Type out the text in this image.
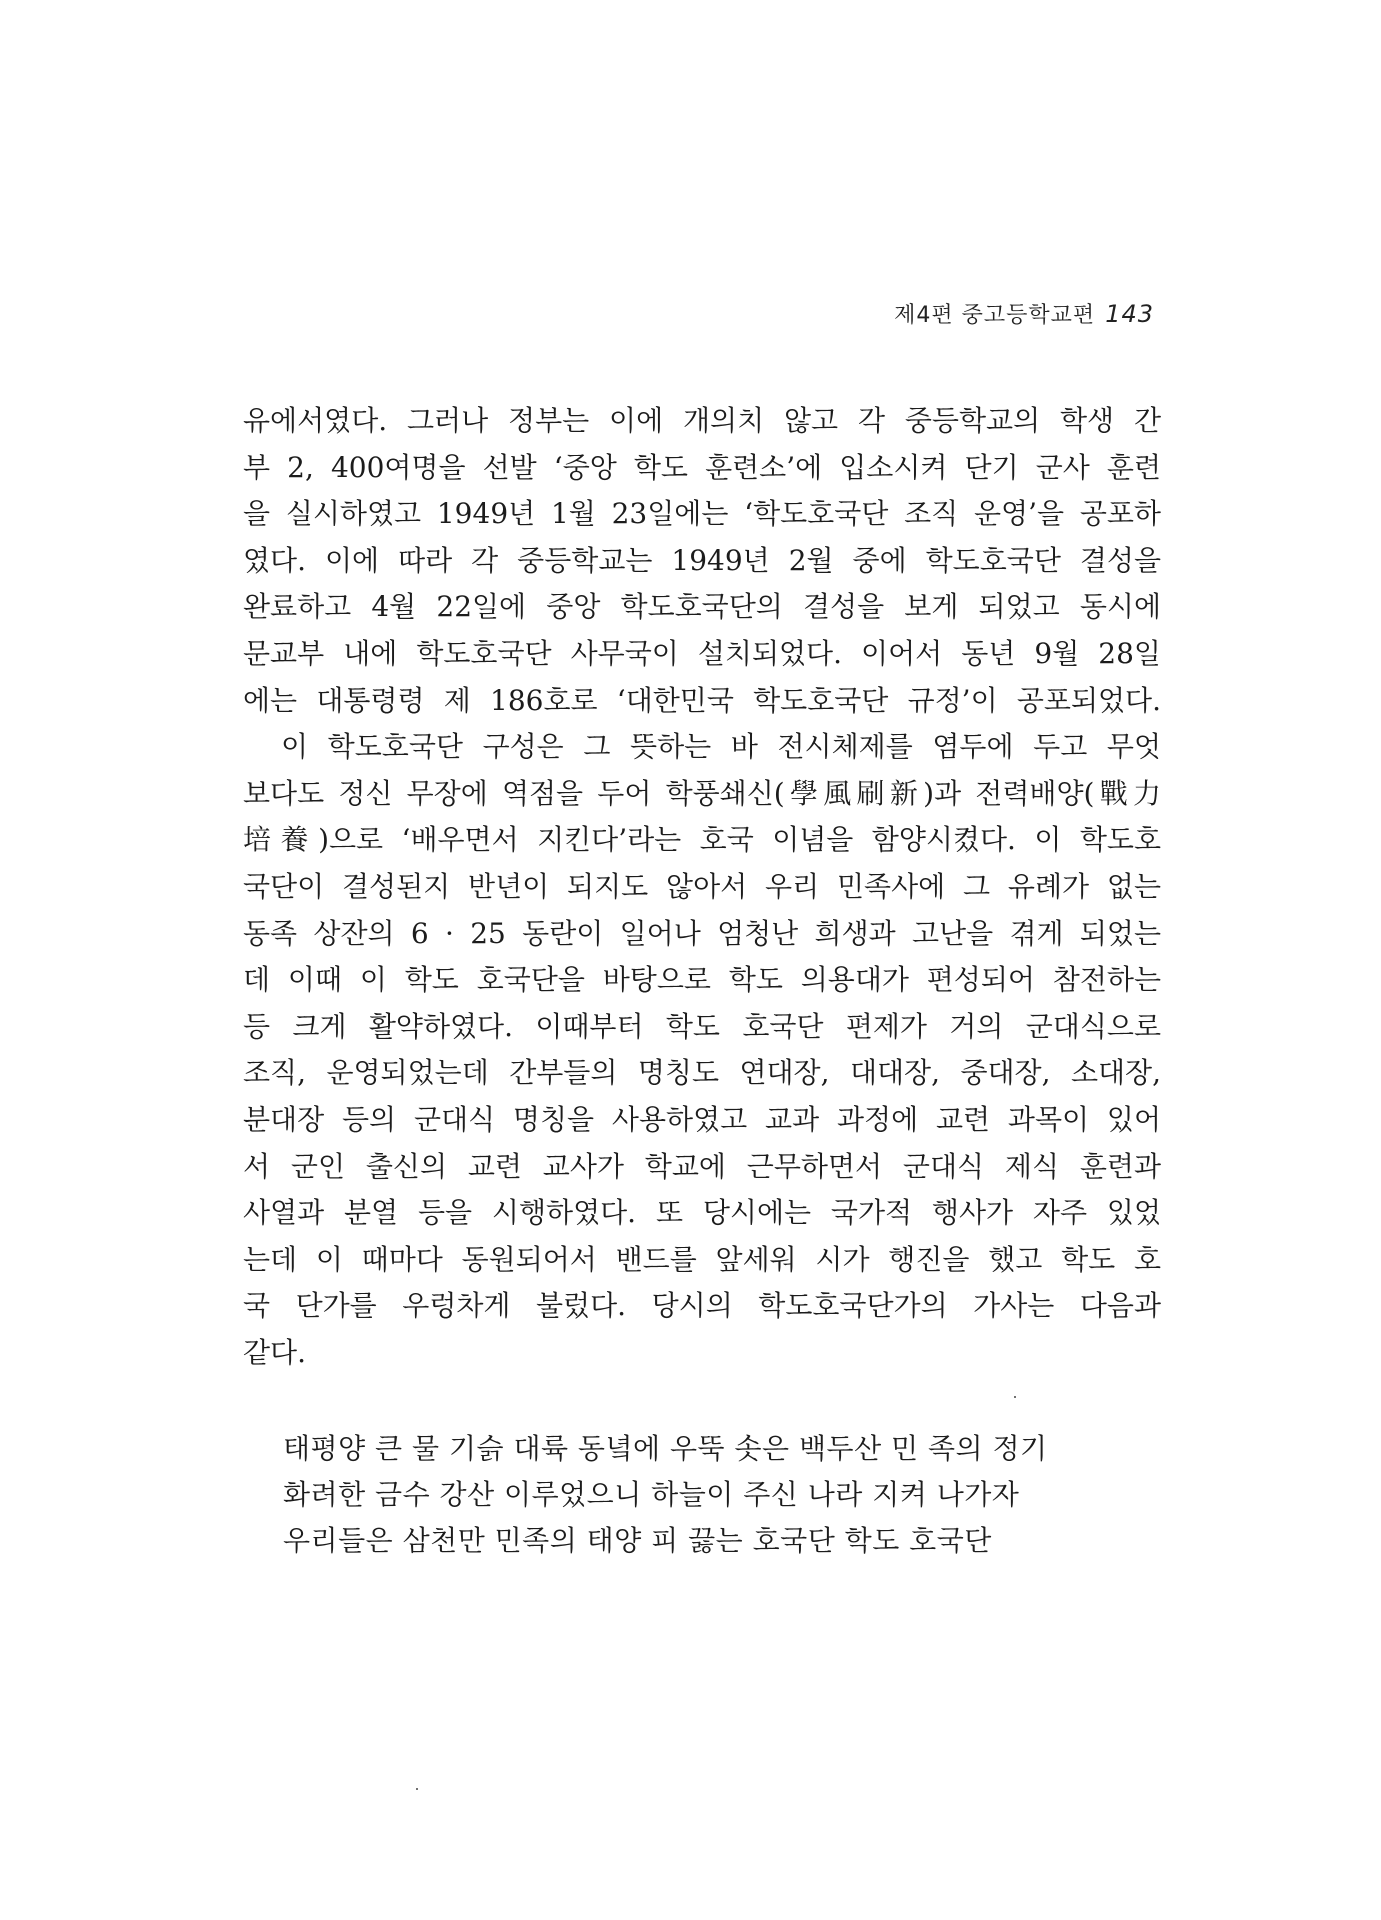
제4편 중고등학교편 143
유에서였다. 그러나 정부는 이에 개의치 않고 각 중등학교의 학생 간
부 2, 400여명을 선발 ‘중앙 학도 훈련소’에 입소시켜 단기 군사 훈련
을 실시하였고 1949년 1월 23일에는 ‘학도호국단 조직 운영’을 공포하
였다. 이에 따라 각 중등학교는 1949년 2월 중에 학도호국단 결성을
완료하고 4월 22일에 중앙 학도호국단의 결성을 보게 되었고 동시에
문교부 내에 학도호국단 사무국이 설치되었다. 이어서 동년 9월 28일
에는 대통령령 제 186호로 ‘대한민국 학도호국단 규정’이 공포되었다.
이 학도호국단 구성은 그 뜻하는 바 전시체제를 염두에 두고 무엇
보다도 정신 무장에 역점을 두어 학풍쇄신(學風刷新)과 전력배양(戰力
培養)으로 ‘배우면서 지킨다’라는 호국 이념을 함양시켰다. 이 학도호
국단이 결성된지 반년이 되지도 않아서 우리 민족사에 그 유례가 없는
동족 상잔의 6 · 25 동란이 일어나 엄청난 희생과 고난을 겪게 되었는
데 이때 이 학도 호국단을 바탕으로 학도 의용대가 편성되어 참전하는
등 크게 활약하였다. 이때부터 학도 호국단 편제가 거의 군대식으로
조직, 운영되었는데 간부들의 명칭도 연대장, 대대장, 중대장, 소대장,
분대장 등의 군대식 명칭을 사용하였고 교과 과정에 교련 과목이 있어
서 군인 출신의 교련 교사가 학교에 근무하면서 군대식 제식 훈련과
사열과 분열 등을 시행하였다. 또 당시에는 국가적 행사가 자주 있었
는데 이 때마다 동원되어서 밴드를 앞세워 시가 행진을 했고 학도 호
국 단가를 우렁차게 불렀다. 당시의 학도호국단가의 가사는 다음과
같다.
태평양 큰 물 기슭 대륙 동녘에 우뚝 솟은 백두산 민 족의 정기
화려한 금수 강산 이루었으니 하늘이 주신 나라 지켜 나가자
우리들은 삼천만 민족의 태양 피 끓는 호국단 학도 호국단
